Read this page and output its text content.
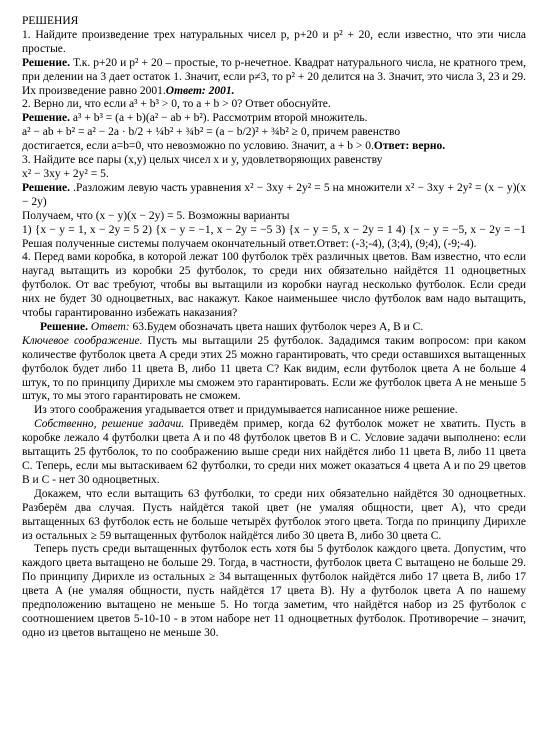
РЕШЕНИЯ

1. Найдите произведение трех натуральных чисел p, p+20 и p² + 20, если известно, что эти числа простые.

Решение. Т.к. p+20 и p² + 20 – простые, то p-нечетное. Квадрат натурального числа, не кратного трем, при делении на 3 дает остаток 1. Значит, если p≠3, то p² + 20 делится на 3. Значит, это числа 3, 23 и 29. Их произведение равно 2001.Ответ: 2001.

2. Верно ли, что если a³ + b³ > 0, то a + b > 0? Ответ обоснуйте.

Решение. a³ + b³ = (a + b)(a² − ab + b²). Рассмотрим второй множитель.

a² − ab + b² = a² − 2a · b/2 + ¼b² + ¾b² = (a − b/2)² + ¾b² ≥ 0, причем равенство

достигается, если a=b=0, что невозможно по условию. Значит, a + b > 0.Ответ: верно.

3. Найдите все пары (x,y) целых чисел x и y, удовлетворяющих равенству

x² − 3xy + 2y² = 5.

Решение. .Разложим левую часть уравнения x² − 3xy + 2y² = 5 на множители x² − 3xy + 2y² = (x − y)(x − 2y)

Получаем, что (x − y)(x − 2y) = 5. Возможны варианты

1) {x − y = 1, x − 2y = 5 2) {x − y = −1, x − 2y = −5 3) {x − y = 5, x − 2y = 1 4) {x − y = −5, x − 2y = −1 Решая полученные системы получаем окончательный ответ.Ответ: (-3;-4), (3;4), (9;4), (-9;-4).

4. Перед вами коробка, в которой лежат 100 футболок трёх различных цветов. Вам известно, что если наугад вытащить из коробки 25 футболок, то среди них обязательно найдётся 11 одноцветных футболок. От вас требуют, чтобы вы вытащили из коробки наугад несколько футболок. Если среди них не будет 30 одноцветных, вас накажут. Какое наименьшее число футболок вам надо вытащить, чтобы гарантированно избежать наказания?

Решение. Ответ: 63.Будем обозначать цвета наших футболок через A, B и C.

Ключевое соображение. Пусть мы вытащили 25 футболок. Зададимся таким вопросом: при каком количестве футболок цвета A среди этих 25 можно гарантировать, что среди оставшихся вытащенных футболок будет либо 11 цвета B, либо 11 цвета C? Как видим, если футболок цвета A не больше 4 штук, то по принципу Дирихле мы сможем это гарантировать. Если же футболок цвета A не меньше 5 штук, то мы этого гарантировать не сможем.

Из этого соображения угадывается ответ и придумывается написанное ниже решение.

Собственно, решение задачи. Приведём пример, когда 62 футболок может не хватить. Пусть в коробке лежало 4 футболки цвета A и по 48 футболок цветов B и C. Условие задачи выполнено: если вытащить 25 футболок, то по соображению выше среди них найдётся либо 11 цвета B, либо 11 цвета C. Теперь, если мы вытаскиваем 62 футболки, то среди них может оказаться 4 цвета A и по 29 цветов B и C - нет 30 одноцветных.

Докажем, что если вытащить 63 футболки, то среди них обязательно найдётся 30 одноцветных. Разберём два случая. Пусть найдётся такой цвет (не умаляя общности, цвет A), что среди вытащенных 63 футболок есть не больше четырёх футболок этого цвета. Тогда по принципу Дирихле из остальных ≥ 59 вытащенных футболок найдётся либо 30 цвета B, либо 30 цвета C.

Теперь пусть среди вытащенных футболок есть хотя бы 5 футболок каждого цвета. Допустим, что каждого цвета вытащено не больше 29. Тогда, в частности, футболок цвета C вытащено не больше 29. По принципу Дирихле из остальных ≥ 34 вытащенных футболок найдётся либо 17 цвета B, либо 17 цвета A (не умаляя общности, пусть найдётся 17 цвета B). Ну а футболок цвета A по нашему предположению вытащено не меньше 5. Но тогда заметим, что найдётся набор из 25 футболок с соотношением цветов 5-10-10 - в этом наборе нет 11 одноцветных футболок. Противоречие ‒ значит, одно из цветов вытащено не меньше 30.
